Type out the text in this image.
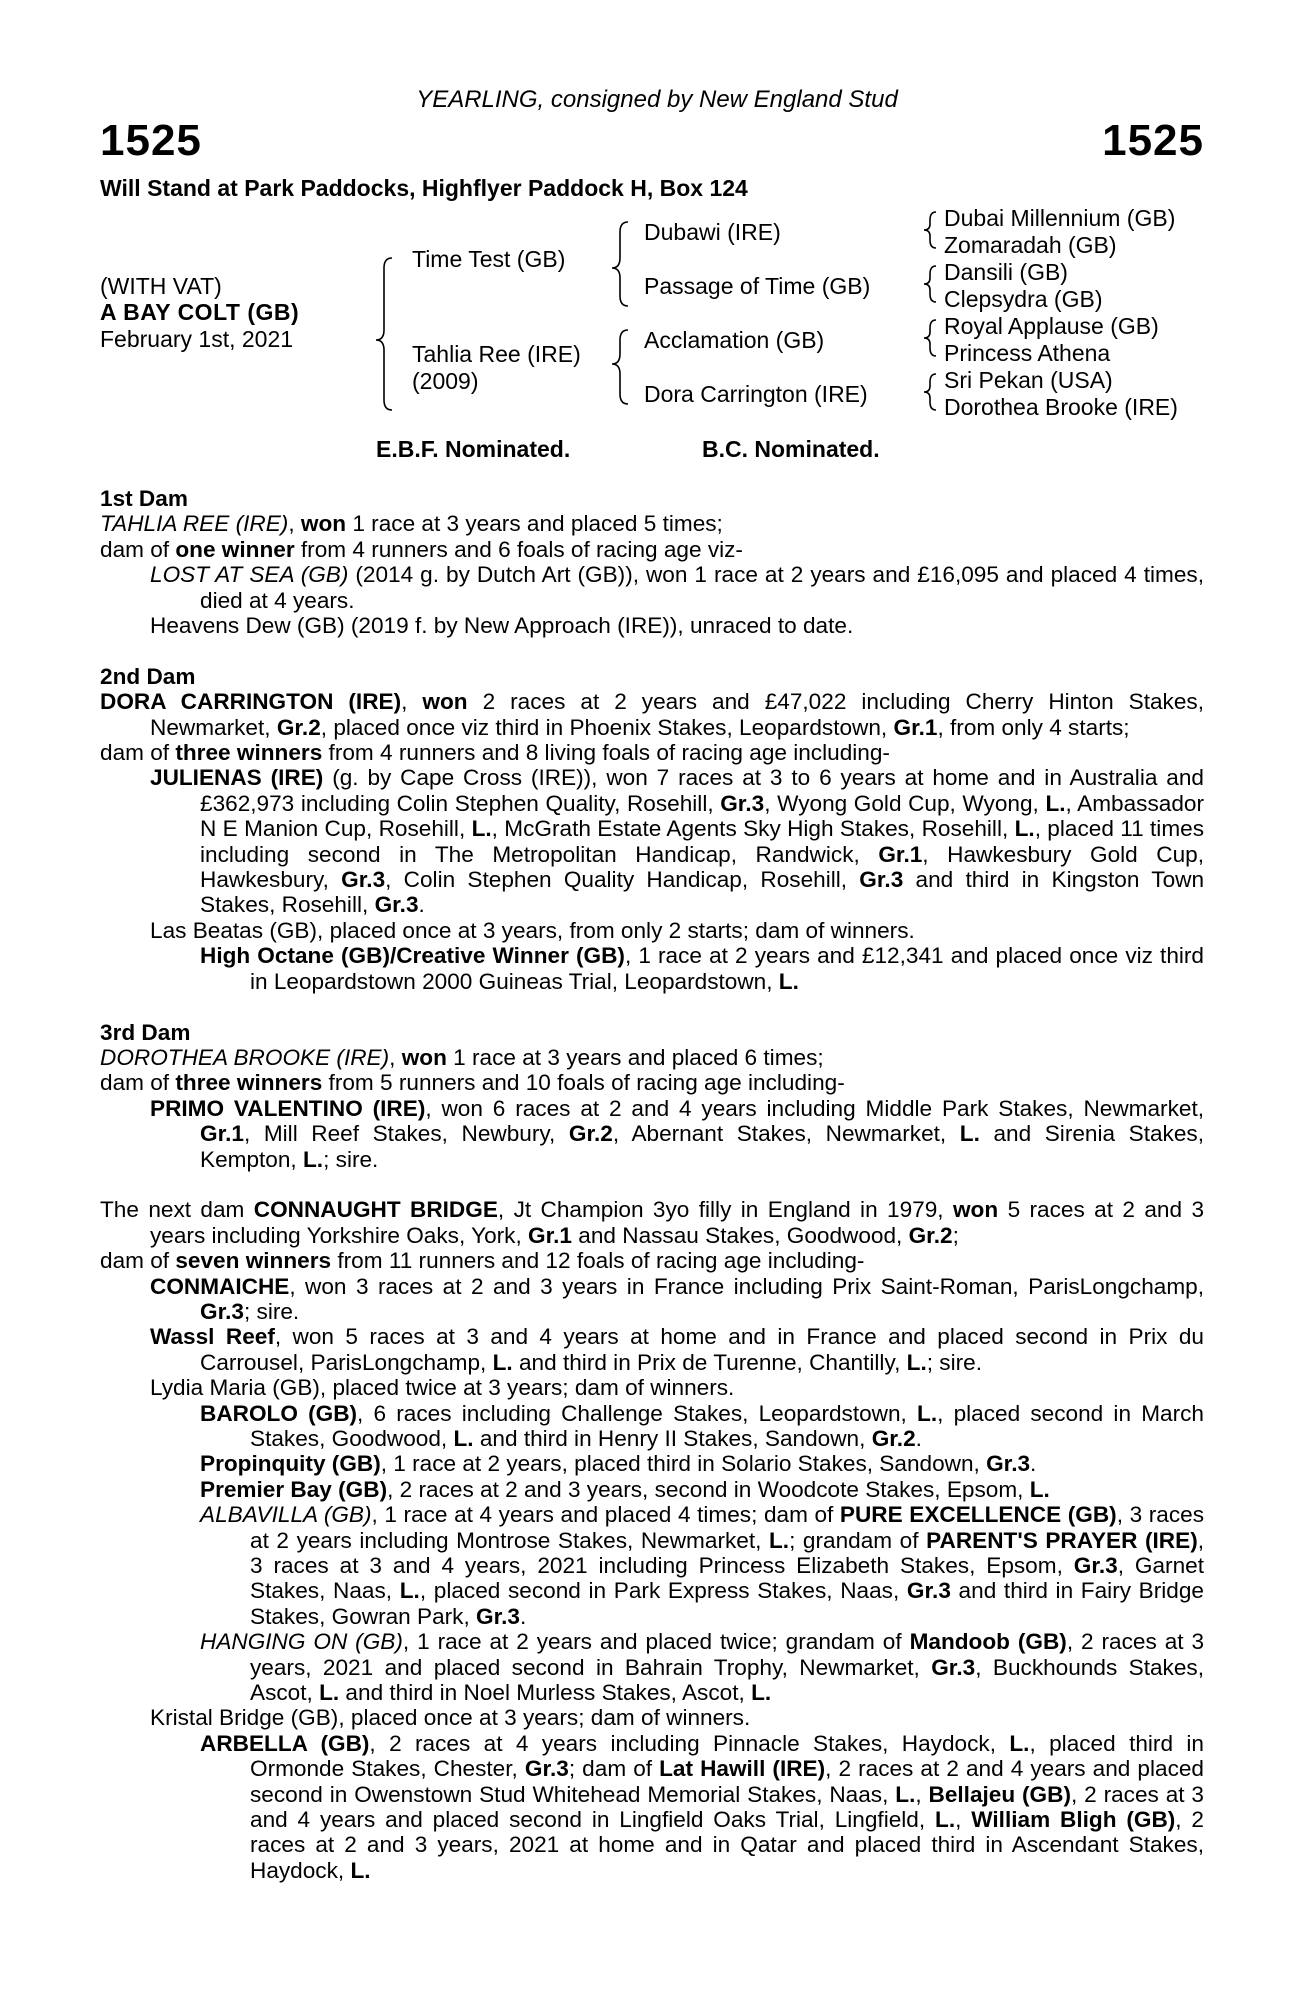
YEARLING, consigned by New England Stud
1525	1525
Will Stand at Park Paddocks, Highflyer Paddock H, Box 124
(WITH VAT)
A BAY COLT (GB)
February 1st, 2021
Time Test (GB)
Tahlia Ree (IRE)
(2009)
Dubawi (IRE)
Passage of Time (GB)
Acclamation (GB)
Dora Carrington (IRE)
Dubai Millennium (GB)
Zomaradah (GB)
Dansili (GB)
Clepsydra (GB)
Royal Applause (GB)
Princess Athena
Sri Pekan (USA)
Dorothea Brooke (IRE)
E.B.F. Nominated.	B.C. Nominated.

1st Dam

TAHLIA REE (IRE), won 1 race at 3 years and placed 5 times;

dam of one winner from 4 runners and 6 foals of racing age viz-

LOST AT SEA (GB) (2014 g. by Dutch Art (GB)), won 1 race at 2 years and £16,095 and placed 4 times, died at 4 years.

Heavens Dew (GB) (2019 f. by New Approach (IRE)), unraced to date.

2nd Dam

DORA CARRINGTON (IRE), won 2 races at 2 years and £47,022 including Cherry Hinton Stakes, Newmarket, Gr.2, placed once viz third in Phoenix Stakes, Leopardstown, Gr.1, from only 4 starts;

dam of three winners from 4 runners and 8 living foals of racing age including-

JULIENAS (IRE) (g. by Cape Cross (IRE)), won 7 races at 3 to 6 years at home and in Australia and £362,973 including Colin Stephen Quality, Rosehill, Gr.3, Wyong Gold Cup, Wyong, L., Ambassador N E Manion Cup, Rosehill, L., McGrath Estate Agents Sky High Stakes, Rosehill, L., placed 11 times including second in The Metropolitan Handicap, Randwick, Gr.1, Hawkesbury Gold Cup, Hawkesbury, Gr.3, Colin Stephen Quality Handicap, Rosehill, Gr.3 and third in Kingston Town Stakes, Rosehill, Gr.3.

Las Beatas (GB), placed once at 3 years, from only 2 starts; dam of winners.

High Octane (GB)/Creative Winner (GB), 1 race at 2 years and £12,341 and placed once viz third in Leopardstown 2000 Guineas Trial, Leopardstown, L.

3rd Dam

DOROTHEA BROOKE (IRE), won 1 race at 3 years and placed 6 times;

dam of three winners from 5 runners and 10 foals of racing age including-

PRIMO VALENTINO (IRE), won 6 races at 2 and 4 years including Middle Park Stakes, Newmarket, Gr.1, Mill Reef Stakes, Newbury, Gr.2, Abernant Stakes, Newmarket, L. and Sirenia Stakes, Kempton, L.; sire.

The next dam CONNAUGHT BRIDGE, Jt Champion 3yo filly in England in 1979, won 5 races at 2 and 3 years including Yorkshire Oaks, York, Gr.1 and Nassau Stakes, Goodwood, Gr.2;

dam of seven winners from 11 runners and 12 foals of racing age including-

CONMAICHE, won 3 races at 2 and 3 years in France including Prix Saint-Roman, ParisLongchamp, Gr.3; sire.

Wassl Reef, won 5 races at 3 and 4 years at home and in France and placed second in Prix du Carrousel, ParisLongchamp, L. and third in Prix de Turenne, Chantilly, L.; sire.

Lydia Maria (GB), placed twice at 3 years; dam of winners.

BAROLO (GB), 6 races including Challenge Stakes, Leopardstown, L., placed second in March Stakes, Goodwood, L. and third in Henry II Stakes, Sandown, Gr.2.

Propinquity (GB), 1 race at 2 years, placed third in Solario Stakes, Sandown, Gr.3.

Premier Bay (GB), 2 races at 2 and 3 years, second in Woodcote Stakes, Epsom, L.

ALBAVILLA (GB), 1 race at 4 years and placed 4 times; dam of PURE EXCELLENCE (GB), 3 races at 2 years including Montrose Stakes, Newmarket, L.; grandam of PARENT'S PRAYER (IRE), 3 races at 3 and 4 years, 2021 including Princess Elizabeth Stakes, Epsom, Gr.3, Garnet Stakes, Naas, L., placed second in Park Express Stakes, Naas, Gr.3 and third in Fairy Bridge Stakes, Gowran Park, Gr.3.

HANGING ON (GB), 1 race at 2 years and placed twice; grandam of Mandoob (GB), 2 races at 3 years, 2021 and placed second in Bahrain Trophy, Newmarket, Gr.3, Buckhounds Stakes, Ascot, L. and third in Noel Murless Stakes, Ascot, L.

Kristal Bridge (GB), placed once at 3 years; dam of winners.

ARBELLA (GB), 2 races at 4 years including Pinnacle Stakes, Haydock, L., placed third in Ormonde Stakes, Chester, Gr.3; dam of Lat Hawill (IRE), 2 races at 2 and 4 years and placed second in Owenstown Stud Whitehead Memorial Stakes, Naas, L., Bellajeu (GB), 2 races at 3 and 4 years and placed second in Lingfield Oaks Trial, Lingfield, L., William Bligh (GB), 2 races at 2 and 3 years, 2021 at home and in Qatar and placed third in Ascendant Stakes, Haydock, L.
